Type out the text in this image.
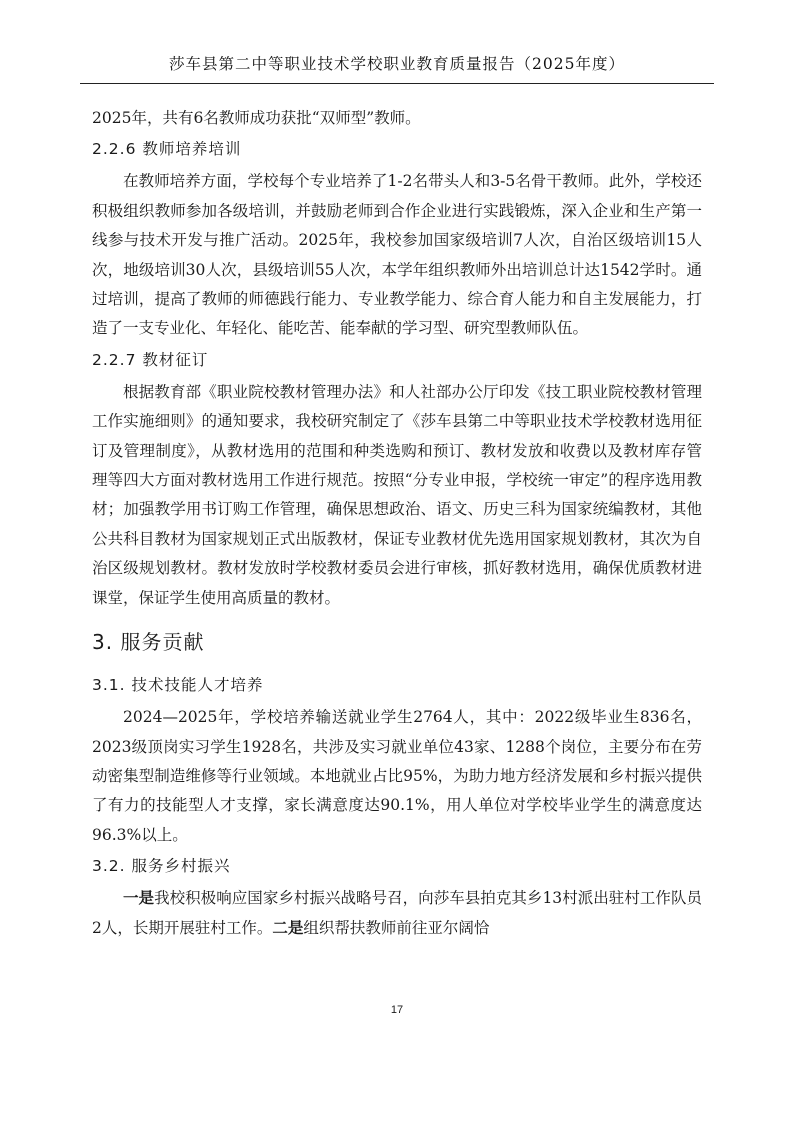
莎车县第二中等职业技术学校职业教育质量报告（2025年度）

2025年，共有6名教师成功获批“双师型”教师。

2.2.6 教师培养培训

在教师培养方面，学校每个专业培养了1-2名带头人和3-5名骨干教师。此外，学校还积极组织教师参加各级培训，并鼓励老师到合作企业进行实践锻炼，深入企业和生产第一线参与技术开发与推广活动。2025年，我校参加国家级培训7人次，自治区级培训15人次，地级培训30人次，县级培训55人次，本学年组织教师外出培训总计达1542学时。通过培训，提高了教师的师德践行能力、专业教学能力、综合育人能力和自主发展能力，打造了一支专业化、年轻化、能吃苦、能奉献的学习型、研究型教师队伍。

2.2.7 教材征订

根据教育部《职业院校教材管理办法》和人社部办公厅印发《技工职业院校教材管理工作实施细则》的通知要求，我校研究制定了《莎车县第二中等职业技术学校教材选用征订及管理制度》，从教材选用的范围和种类选购和预订、教材发放和收费以及教材库存管理等四大方面对教材选用工作进行规范。按照“分专业申报，学校统一审定”的程序选用教材；加强教学用书订购工作管理，确保思想政治、语文、历史三科为国家统编教材，其他公共科目教材为国家规划正式出版教材，保证专业教材优先选用国家规划教材，其次为自治区级规划教材。教材发放时学校教材委员会进行审核，抓好教材选用，确保优质教材进课堂，保证学生使用高质量的教材。

3. 服务贡献
3.1. 技术技能人才培养

2024—2025年，学校培养输送就业学生2764人，其中：2022级毕业生836名，2023级顶岗实习学生1928名，共涉及实习就业单位43家、1288个岗位，主要分布在劳动密集型制造维修等行业领域。本地就业占比95%，为助力地方经济发展和乡村振兴提供了有力的技能型人才支撑，家长满意度达90.1%，用人单位对学校毕业学生的满意度达96.3%以上。

3.2. 服务乡村振兴

一是我校积极响应国家乡村振兴战略号召，向莎车县拍克其乡13村派出驻村工作队员2人，长期开展驻村工作。二是组织帮扶教师前往亚尔阔恰

17
